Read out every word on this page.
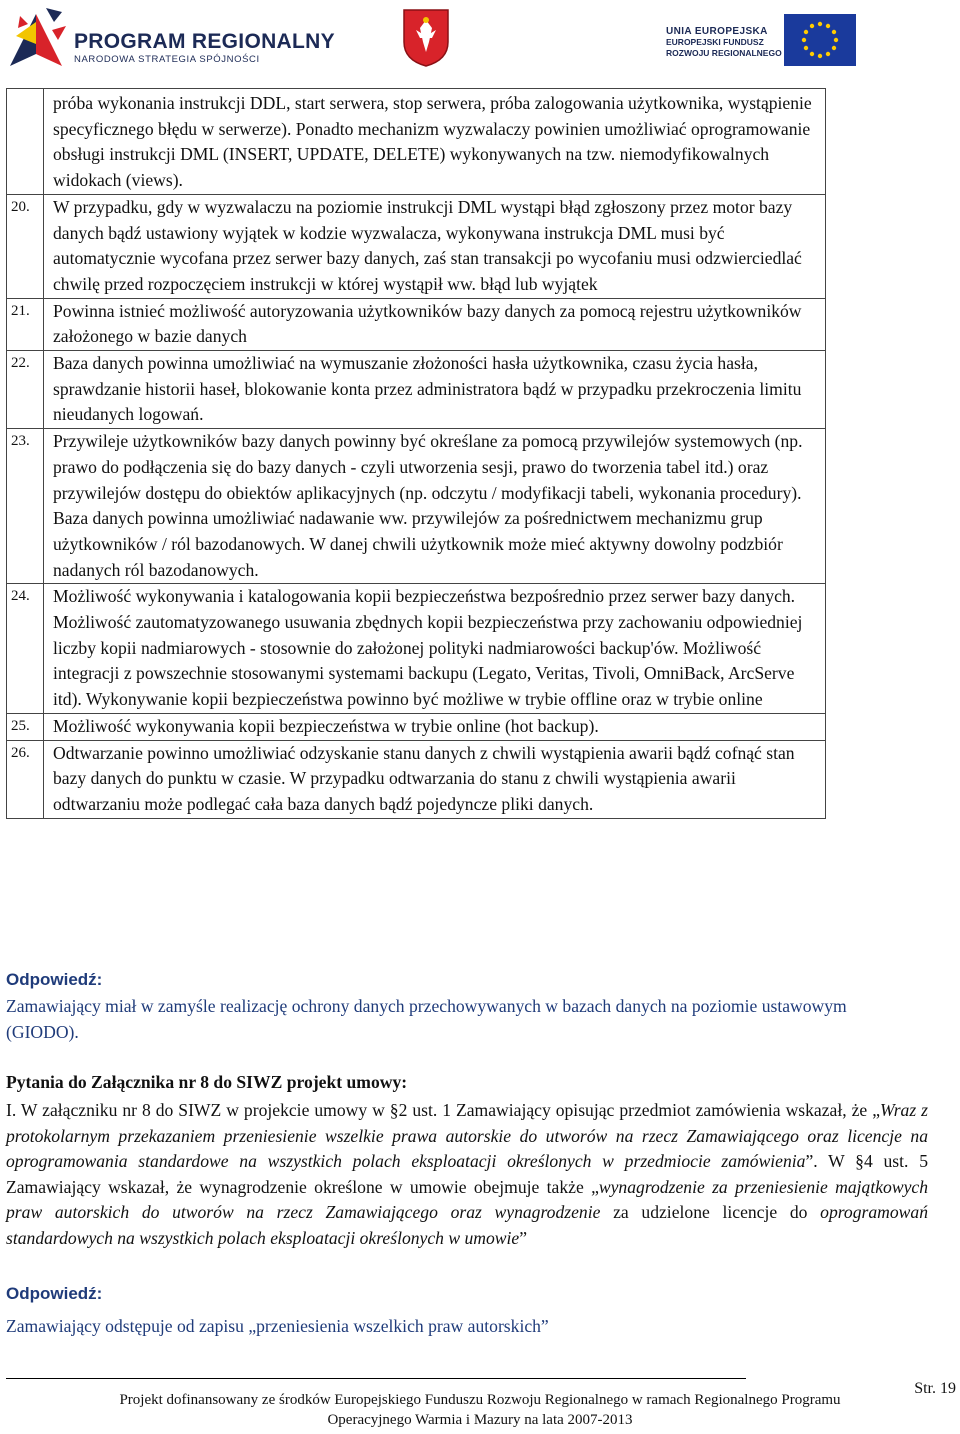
PROGRAM REGIONALNY
NARODOWA STRATEGIA SPÓJNOŚCI
UNIA EUROPEJSKA
EUROPEJSKI FUNDUSZ
ROZWOJU REGIONALNEGO
próba wykonania instrukcji DDL, start serwera, stop serwera, próba zalogowania użytkownika, wystąpienie specyficznego błędu w serwerze). Ponadto mechanizm wyzwalaczy powinien umożliwiać oprogramowanie obsługi instrukcji DML (INSERT, UPDATE, DELETE) wykonywanych na tzw. niemodyfikowalnych widokach (views).
20.	W przypadku, gdy w wyzwalaczu na poziomie instrukcji DML wystąpi błąd zgłoszony przez motor bazy danych bądź ustawiony wyjątek w kodzie wyzwalacza, wykonywana instrukcja DML musi być automatycznie wycofana przez serwer bazy danych, zaś stan transakcji po wycofaniu musi odzwierciedlać chwilę przed rozpoczęciem instrukcji w której wystąpił ww. błąd lub wyjątek
21.	Powinna istnieć możliwość autoryzowania użytkowników bazy danych za pomocą rejestru użytkowników założonego w bazie danych
22.	Baza danych powinna umożliwiać na wymuszanie złożoności hasła użytkownika, czasu życia hasła, sprawdzanie historii haseł, blokowanie konta przez administratora bądź w przypadku przekroczenia limitu nieudanych logowań.
23.	Przywileje użytkowników bazy danych powinny być określane za pomocą przywilejów systemowych (np. prawo do podłączenia się do bazy danych - czyli utworzenia sesji, prawo do tworzenia tabel itd.) oraz przywilejów dostępu do obiektów aplikacyjnych (np. odczytu / modyfikacji tabeli, wykonania procedury). Baza danych powinna umożliwiać nadawanie ww. przywilejów za pośrednictwem mechanizmu grup użytkowników / ról bazodanowych. W danej chwili użytkownik może mieć aktywny dowolny podzbiór nadanych ról bazodanowych.
24.	Możliwość wykonywania i katalogowania kopii bezpieczeństwa bezpośrednio przez serwer bazy danych. Możliwość zautomatyzowanego usuwania zbędnych kopii bezpieczeństwa przy zachowaniu odpowiedniej liczby kopii nadmiarowych - stosownie do założonej polityki nadmiarowości backup'ów. Możliwość integracji z powszechnie stosowanymi systemami backupu (Legato, Veritas, Tivoli, OmniBack, ArcServe itd). Wykonywanie kopii bezpieczeństwa powinno być możliwe w trybie offline oraz w trybie online
25.	Możliwość wykonywania kopii bezpieczeństwa w trybie online (hot backup).
26.	Odtwarzanie powinno umożliwiać odzyskanie stanu danych z chwili wystąpienia awarii bądź cofnąć stan bazy danych do punktu w czasie. W przypadku odtwarzania do stanu z chwili wystąpienia awarii odtwarzaniu może podlegać cała baza danych bądź pojedyncze pliki danych.
Odpowiedź:
Zamawiający miał w zamyśle realizację ochrony danych przechowywanych w bazach danych na poziomie ustawowym (GIODO).
Pytania do Załącznika nr 8 do SIWZ projekt umowy:
I. W załączniku nr 8 do SIWZ w projekcie umowy w §2 ust. 1 Zamawiający opisując przedmiot zamówienia wskazał, że „Wraz z protokolarnym przekazaniem przeniesienie wszelkie prawa autorskie do utworów na rzecz Zamawiającego oraz licencje na oprogramowania standardowe na wszystkich polach eksploatacji określonych w przedmiocie zamówienia”. W §4 ust. 5 Zamawiający wskazał, że wynagrodzenie określone w umowie obejmuje także „wynagrodzenie za przeniesienie majątkowych praw autorskich do utworów na rzecz Zamawiającego oraz wynagrodzenie za udzielone licencje do oprogramowań standardowych na wszystkich polach eksploatacji określonych w umowie”
Odpowiedź:
Zamawiający odstępuje od zapisu „przeniesienia wszelkich praw autorskich”
Projekt dofinansowany ze środków Europejskiego Funduszu Rozwoju Regionalnego w ramach Regionalnego Programu
Operacyjnego Warmia i Mazury na lata 2007-2013
Str. 19
